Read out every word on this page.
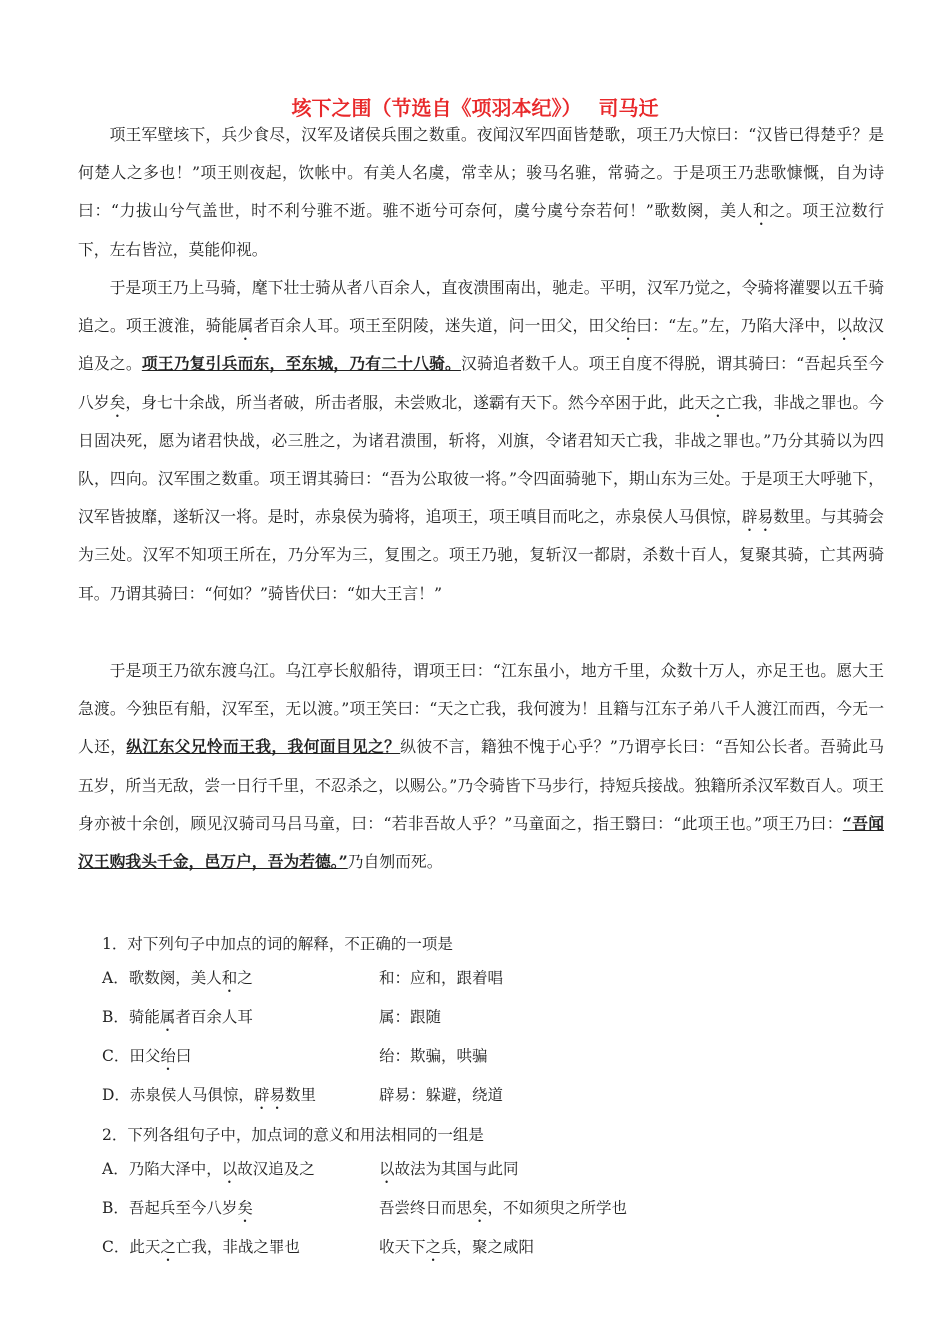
垓下之围（节选自《项羽本纪》）　 司马迁
项王军壁垓下，兵少食尽，汉军及诸侯兵围之数重。夜闻汉军四面皆楚歌，项王乃大惊曰：“汉皆已得楚乎？是何楚人之多也！”项王则夜起，饮帐中。有美人名虞，常幸从；骏马名骓，常骑之。于是项王乃悲歌慷慨，自为诗曰：“力拔山兮气盖世，时不利兮骓不逝。骓不逝兮可奈何，虞兮虞兮奈若何！”歌数阕，美人和之。项王泣数行下，左右皆泣，莫能仰视。
于是项王乃上马骑，麾下壮士骑从者八百余人，直夜溃围南出，驰走。平明，汉军乃觉之，令骑将灌婴以五千骑追之。项王渡淮，骑能属者百余人耳。项王至阴陵，迷失道，问一田父，田父绐曰：“左。”左，乃陷大泽中，以故汉追及之。项王乃复引兵而东，至东城，乃有二十八骑。汉骑追者数千人。项王自度不得脱，谓其骑曰：“吾起兵至今八岁矣，身七十余战，所当者破，所击者服，未尝败北，遂霸有天下。然今卒困于此，此天之亡我，非战之罪也。今日固决死，愿为诸君快战，必三胜之，为诸君溃围，斩将，刈旗，令诸君知天亡我，非战之罪也。”乃分其骑以为四队，四向。汉军围之数重。项王谓其骑曰：“吾为公取彼一将。”令四面骑驰下，期山东为三处。于是项王大呼驰下，汉军皆披靡，遂斩汉一将。是时，赤泉侯为骑将，追项王，项王嗔目而叱之，赤泉侯人马俱惊，辟易数里。与其骑会为三处。汉军不知项王所在，乃分军为三，复围之。项王乃驰，复斩汉一都尉，杀数十百人，复聚其骑，亡其两骑耳。乃谓其骑曰：“何如？”骑皆伏曰：“如大王言！”
于是项王乃欲东渡乌江。乌江亭长舣船待，谓项王曰：“江东虽小，地方千里，众数十万人，亦足王也。愿大王急渡。今独臣有船，汉军至，无以渡。”项王笑曰：“天之亡我，我何渡为！且籍与江东子弟八千人渡江而西，今无一人还，纵江东父兄怜而王我，我何面目见之？纵彼不言，籍独不愧于心乎？”乃谓亭长曰：“吾知公长者。吾骑此马五岁，所当无敌，尝一日行千里，不忍杀之，以赐公。”乃令骑皆下马步行，持短兵接战。独籍所杀汉军数百人。项王身亦被十余创，顾见汉骑司马吕马童，曰：“若非吾故人乎？”马童面之，指王翳曰：“此项王也。”项王乃曰：“吾闻汉王购我头千金，邑万户，吾为若德。”乃自刎而死。
1．对下列句子中加点的词的解释，不正确的一项是
A．歌数阕，美人和之	和：应和，跟着唱
B．骑能属者百余人耳	属：跟随
C．田父绐曰	绐：欺骗，哄骗
D．赤泉侯人马俱惊，辟易数里	辟易：躲避，绕道
2．下列各组句子中，加点词的意义和用法相同的一组是
A．乃陷大泽中，以故汉追及之	以故法为其国与此同
B．吾起兵至今八岁矣	吾尝终日而思矣，不如须臾之所学也
C．此天之亡我，非战之罪也	收天下之兵，聚之咸阳
